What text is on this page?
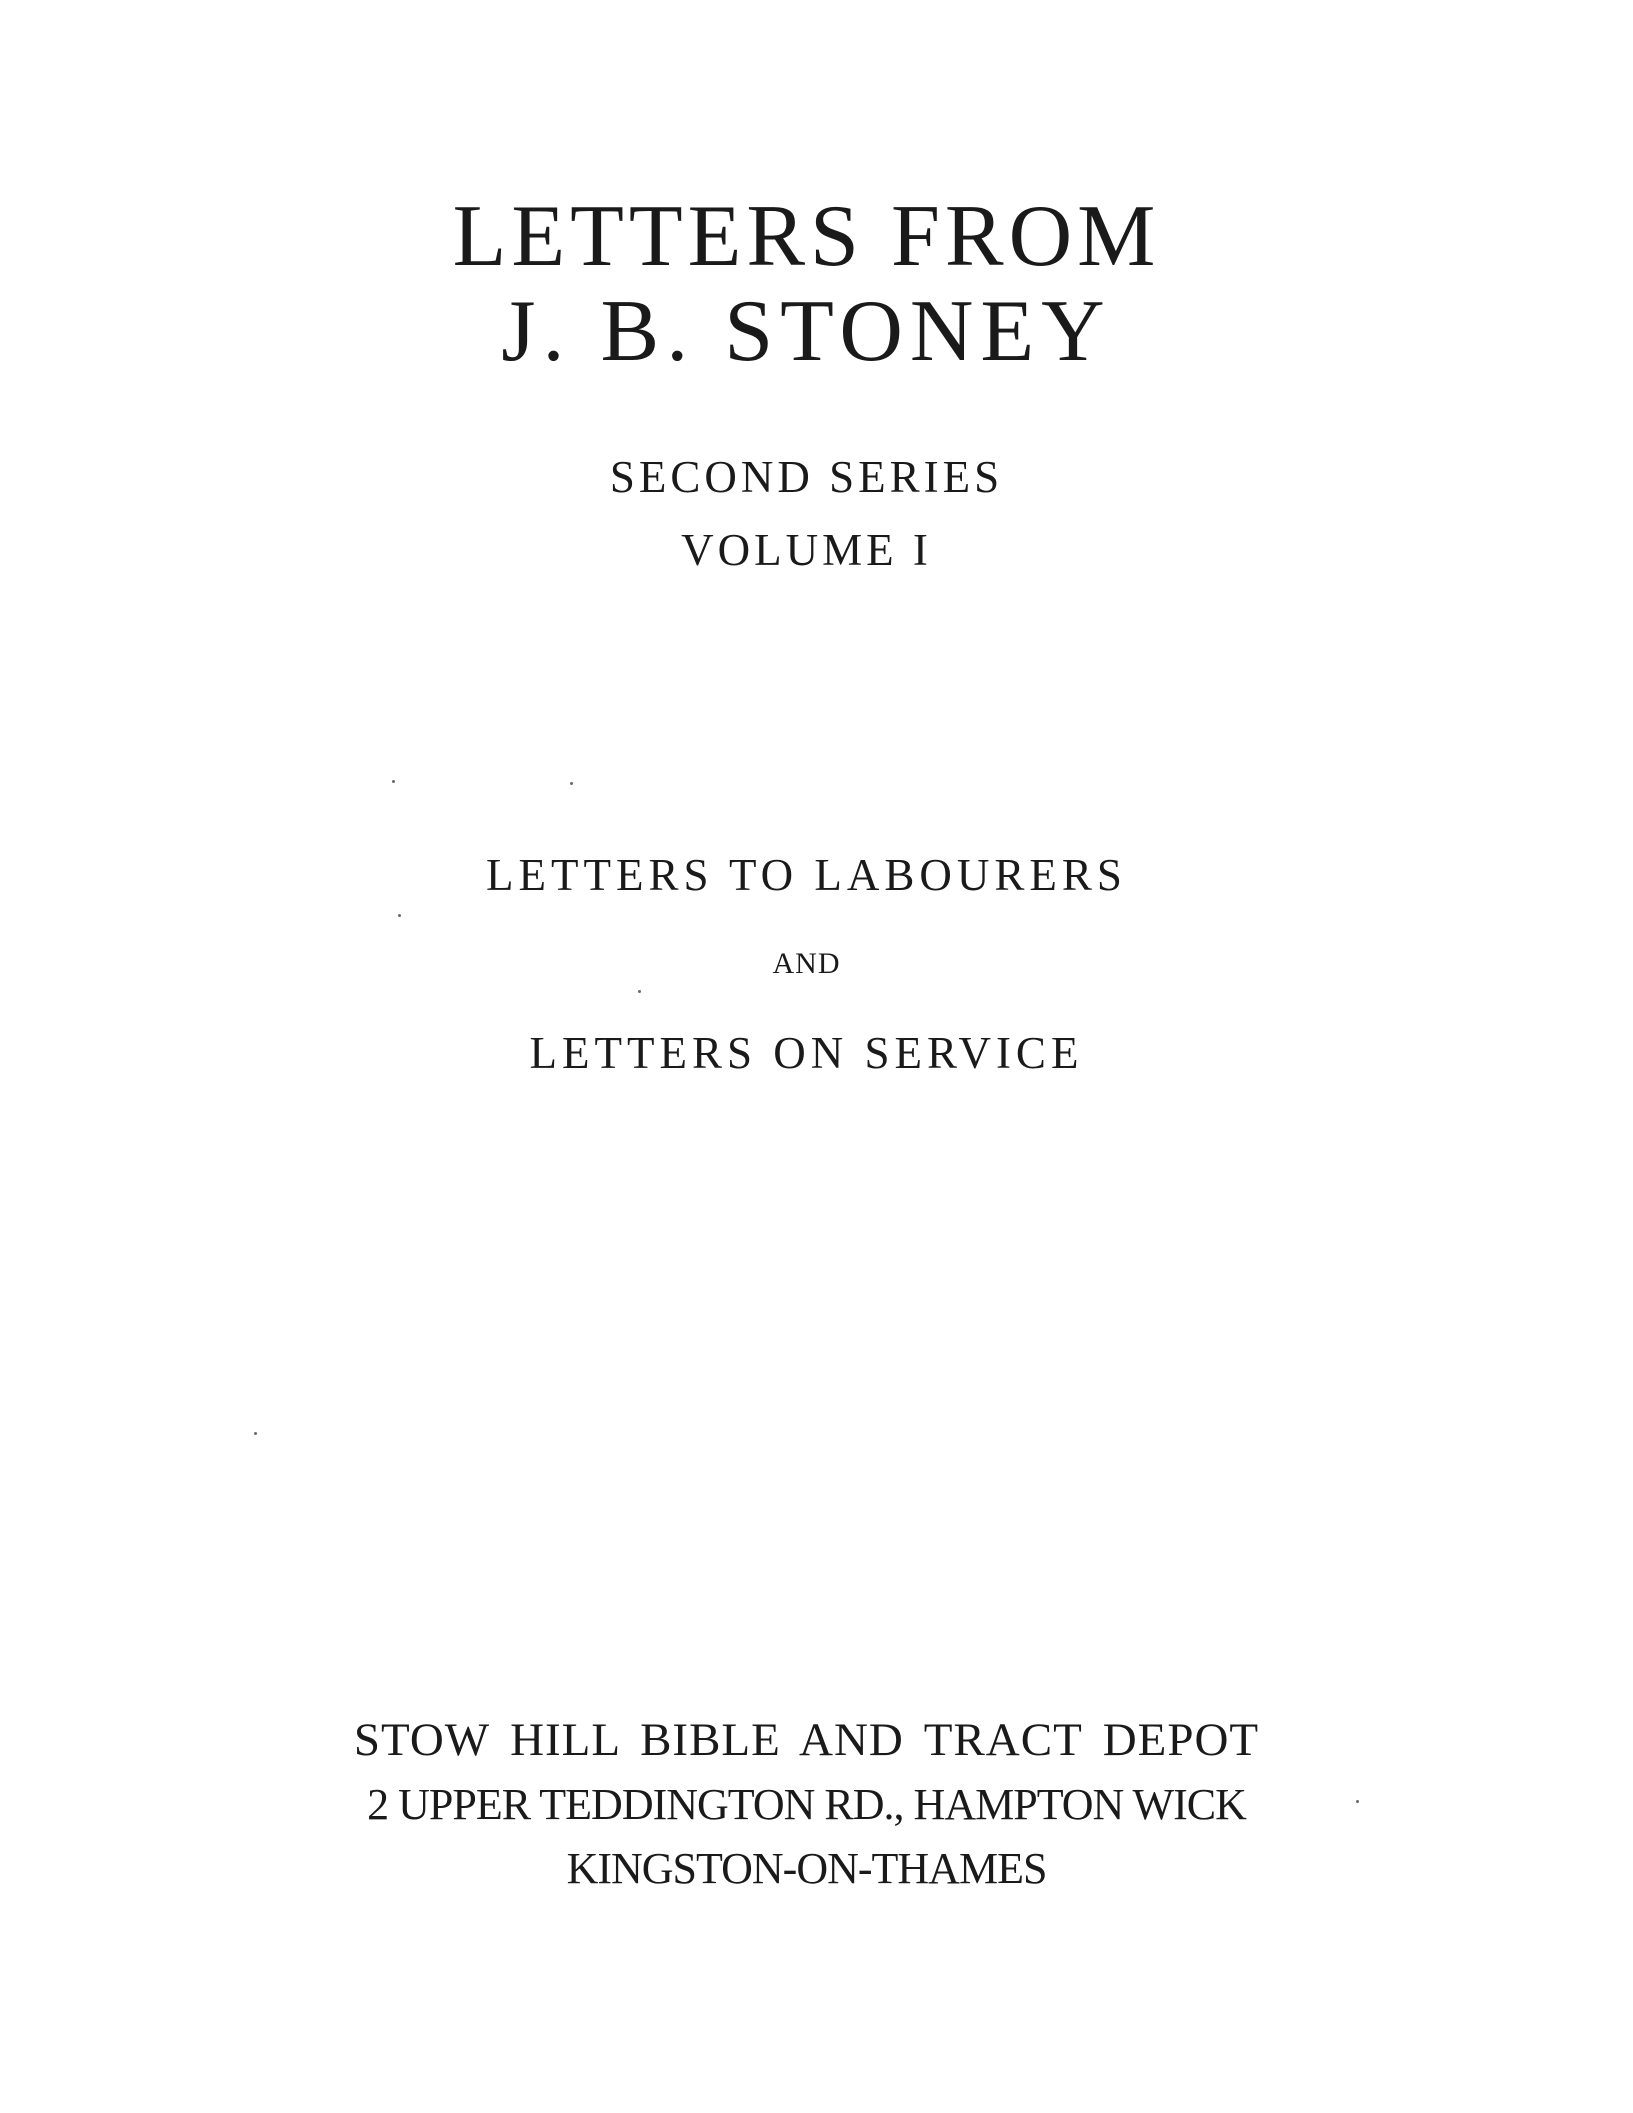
LETTERS FROM
J. B. STONEY
SECOND SERIES
VOLUME I
LETTERS TO LABOURERS
AND
LETTERS ON SERVICE
STOW HILL BIBLE AND TRACT DEPOT
2 UPPER TEDDINGTON RD., HAMPTON WICK
KINGSTON-ON-THAMES
